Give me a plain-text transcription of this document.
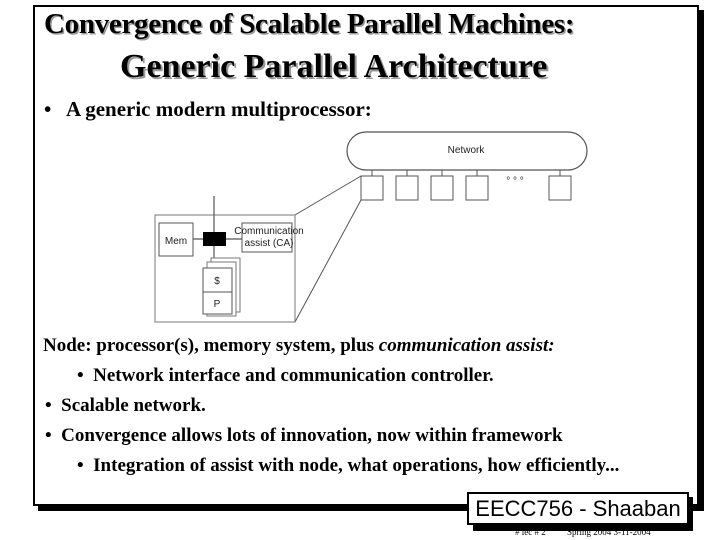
Convergence of Scalable Parallel Machines:
Generic Parallel Architecture
• A generic modern multiprocessor:
Network
° ° °
Mem
Communication
assist (CA)
$
P
Node: processor(s), memory system, plus communication assist:
• Network interface and communication controller.
• Scalable network.
• Convergence allows lots of innovation, now within framework
• Integration of assist with node, what operations, how efficiently...
EECC756 - Shaaban
# lec # 2 Spring 2004 3-11-2004
